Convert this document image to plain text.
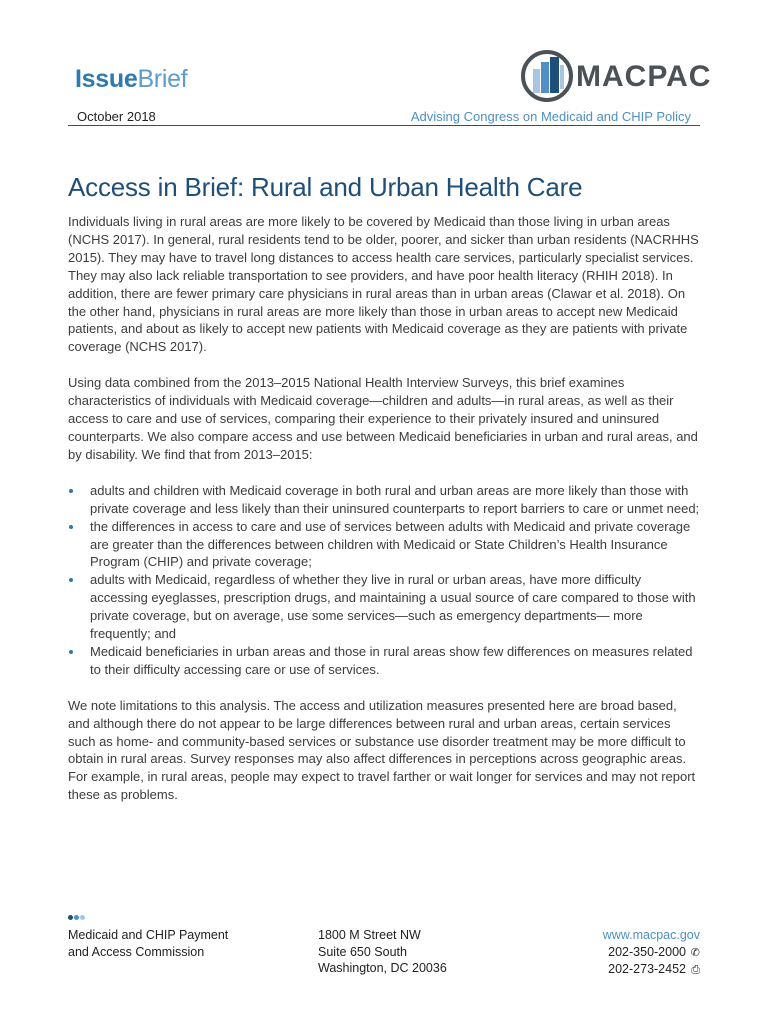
IssueBrief	MACPAC
October 2018	Advising Congress on Medicaid and CHIP Policy
Access in Brief: Rural and Urban Health Care

Individuals living in rural areas are more likely to be covered by Medicaid than those living in urban areas (NCHS 2017). In general, rural residents tend to be older, poorer, and sicker than urban residents (NACRHHS 2015). They may have to travel long distances to access health care services, particularly specialist services. They may also lack reliable transportation to see providers, and have poor health literacy (RHIH 2018). In addition, there are fewer primary care physicians in rural areas than in urban areas (Clawar et al. 2018). On the other hand, physicians in rural areas are more likely than those in urban areas to accept new Medicaid patients, and about as likely to accept new patients with Medicaid coverage as they are patients with private coverage (NCHS 2017).

Using data combined from the 2013–2015 National Health Interview Surveys, this brief examines characteristics of individuals with Medicaid coverage—children and adults—in rural areas, as well as their access to care and use of services, comparing their experience to their privately insured and uninsured counterparts. We also compare access and use between Medicaid beneficiaries in urban and rural areas, and by disability. We find that from 2013–2015:

adults and children with Medicaid coverage in both rural and urban areas are more likely than those with private coverage and less likely than their uninsured counterparts to report barriers to care or unmet need;
the differences in access to care and use of services between adults with Medicaid and private coverage are greater than the differences between children with Medicaid or State Children’s Health Insurance Program (CHIP) and private coverage;
adults with Medicaid, regardless of whether they live in rural or urban areas, have more difficulty accessing eyeglasses, prescription drugs, and maintaining a usual source of care compared to those with private coverage, but on average, use some services—such as emergency departments— more frequently; and
Medicaid beneficiaries in urban areas and those in rural areas show few differences on measures related to their difficulty accessing care or use of services.

We note limitations to this analysis. The access and utilization measures presented here are broad based, and although there do not appear to be large differences between rural and urban areas, certain services such as home- and community-based services or substance use disorder treatment may be more difficult to obtain in rural areas. Survey responses may also affect differences in perceptions across geographic areas. For example, in rural areas, people may expect to travel farther or wait longer for services and may not report these as problems.

Medicaid and CHIP Payment
and Access Commission
1800 M Street NW
Suite 650 South
Washington, DC 20036
www.macpac.gov
202-350-2000 ✆
202-273-2452 ⎙
